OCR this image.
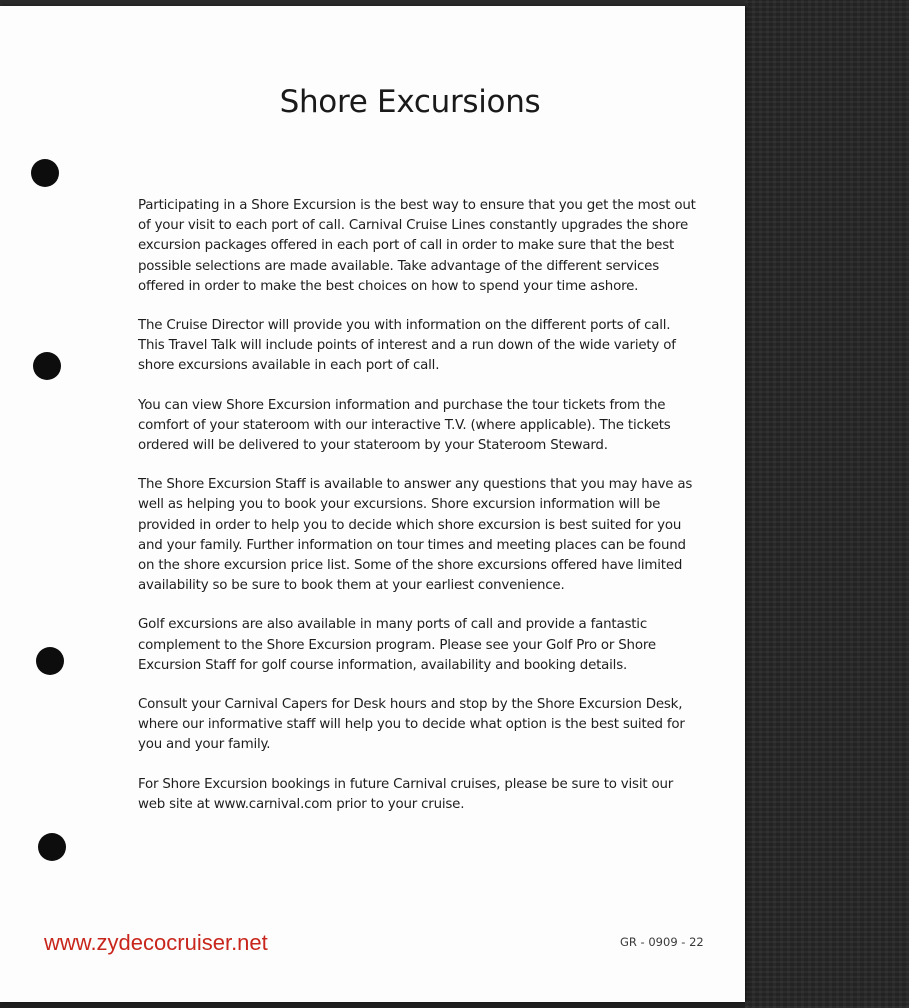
Shore Excursions

Participating in a Shore Excursion is the best way to ensure that you get the most out of your visit to each port of call. Carnival Cruise Lines constantly upgrades the shore excursion packages offered in each port of call in order to make sure that the best possible selections are made available. Take advantage of the different services offered in order to make the best choices on how to spend your time ashore.

The Cruise Director will provide you with information on the different ports of call. This Travel Talk will include points of interest and a run down of the wide variety of shore excursions available in each port of call.

You can view Shore Excursion information and purchase the tour tickets from the comfort of your stateroom with our interactive T.V. (where applicable). The tickets ordered will be delivered to your stateroom by your Stateroom Steward.

The Shore Excursion Staff is available to answer any questions that you may have as well as helping you to book your excursions. Shore excursion information will be provided in order to help you to decide which shore excursion is best suited for you and your family. Further information on tour times and meeting places can be found on the shore excursion price list. Some of the shore excursions offered have limited availability so be sure to book them at your earliest convenience.

Golf excursions are also available in many ports of call and provide a fantastic complement to the Shore Excursion program. Please see your Golf Pro or Shore Excursion Staff for golf course information, availability and booking details.

Consult your Carnival Capers for Desk hours and stop by the Shore Excursion Desk, where our informative staff will help you to decide what option is the best suited for you and your family.

For Shore Excursion bookings in future Carnival cruises, please be sure to visit our web site at www.carnival.com prior to your cruise.

www.zydecocruiser.net	GR - 0909 - 22
